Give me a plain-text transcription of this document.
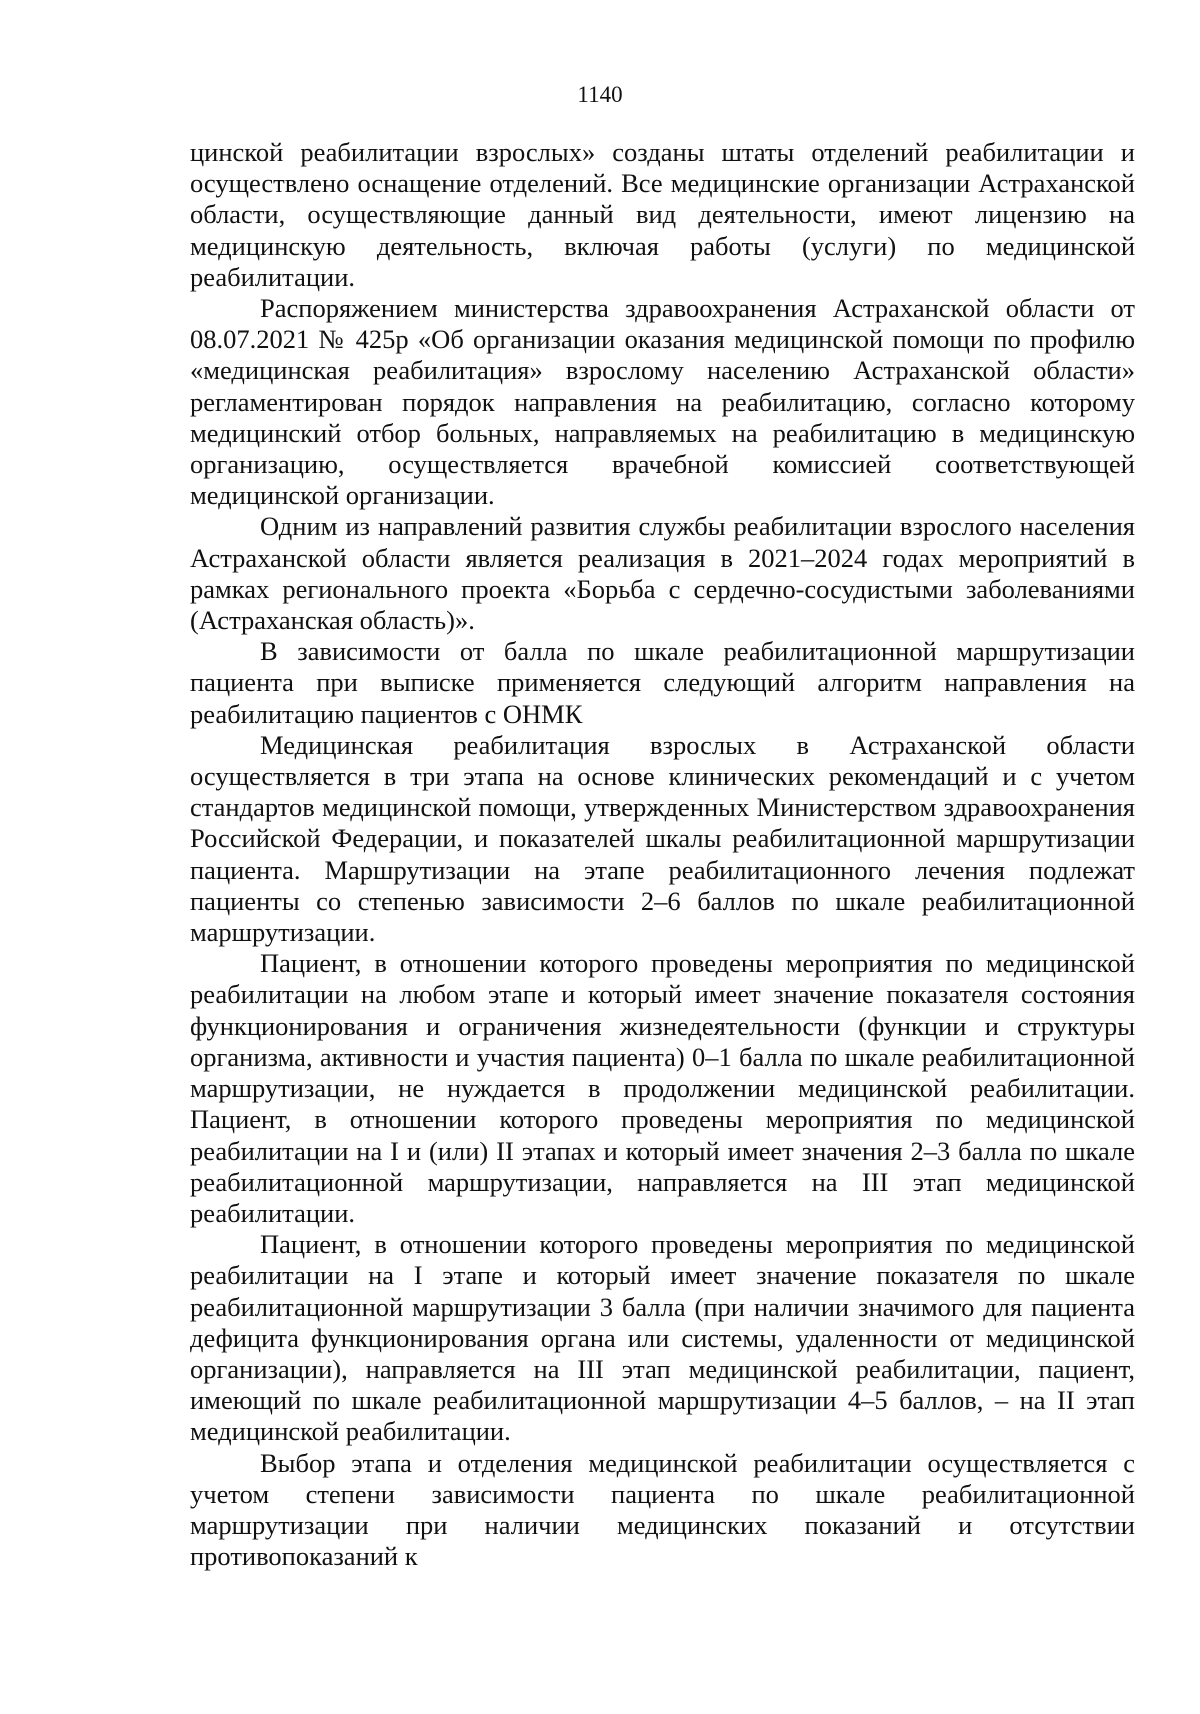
1140

цинской реабилитации взрослых» созданы штаты отделений реабилитации и осуществлено оснащение отделений. Все медицинские организации Астраханской области, осуществляющие данный вид деятельности, имеют лицензию на медицинскую деятельность, включая работы (услуги) по медицинской реабилитации.

Распоряжением министерства здравоохранения Астраханской области от 08.07.2021 № 425р «Об организации оказания медицинской помощи по профилю «медицинская реабилитация» взрослому населению Астраханской области» регламентирован порядок направления на реабилитацию, согласно которому медицинский отбор больных, направляемых на реабилитацию в медицинскую организацию, осуществляется врачебной комиссией соответствующей медицинской организации.

Одним из направлений развития службы реабилитации взрослого населения Астраханской области является реализация в 2021–2024 годах мероприятий в рамках регионального проекта «Борьба с сердечно-сосудистыми заболеваниями (Астраханская область)».

В зависимости от балла по шкале реабилитационной маршрутизации пациента при выписке применяется следующий алгоритм направления на реабилитацию пациентов с ОНМК

Медицинская реабилитация взрослых в Астраханской области осуществляется в три этапа на основе клинических рекомендаций и с учетом стандартов медицинской помощи, утвержденных Министерством здравоохранения Российской Федерации, и показателей шкалы реабилитационной маршрутизации пациента. Маршрутизации на этапе реабилитационного лечения подлежат пациенты со степенью зависимости 2–6 баллов по шкале реабилитационной маршрутизации.

Пациент, в отношении которого проведены мероприятия по медицинской реабилитации на любом этапе и который имеет значение показателя состояния функционирования и ограничения жизнедеятельности (функции и структуры организма, активности и участия пациента) 0–1 балла по шкале реабилитационной маршрутизации, не нуждается в продолжении медицинской реабилитации. Пациент, в отношении которого проведены мероприятия по медицинской реабилитации на I и (или) II этапах и который имеет значения 2–3 балла по шкале реабилитационной маршрутизации, направляется на III этап медицинской реабилитации.

Пациент, в отношении которого проведены мероприятия по медицинской реабилитации на I этапе и который имеет значение показателя по шкале реабилитационной маршрутизации 3 балла (при наличии значимого для пациента дефицита функционирования органа или системы, удаленности от медицинской организации), направляется на III этап медицинской реабилитации, пациент, имеющий по шкале реабилитационной маршрутизации 4–5 баллов, – на II этап медицинской реабилитации.

Выбор этапа и отделения медицинской реабилитации осуществляется с учетом степени зависимости пациента по шкале реабилитационной маршрутизации при наличии медицинских показаний и отсутствии противопоказаний к
